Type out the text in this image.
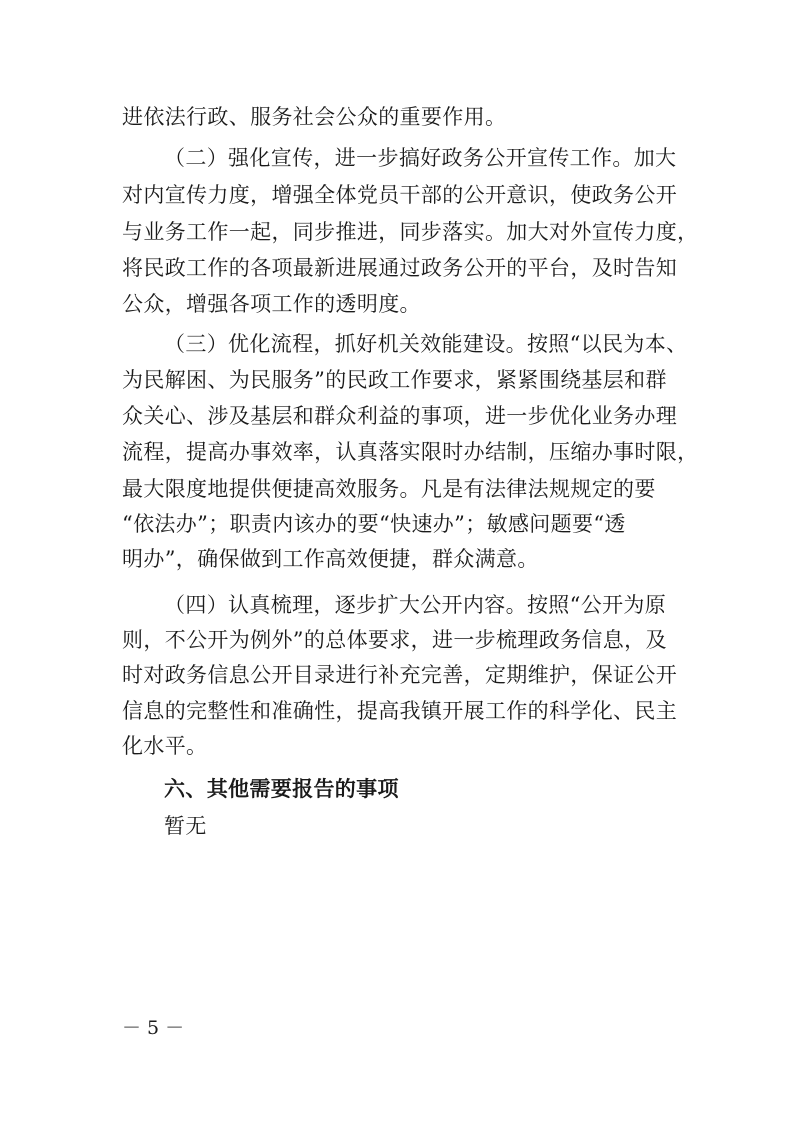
进依法行政、服务社会公众的重要作用。
（二）强化宣传，进一步搞好政务公开宣传工作。加大
对内宣传力度，增强全体党员干部的公开意识，使政务公开
与业务工作一起，同步推进，同步落实。加大对外宣传力度，
将民政工作的各项最新进展通过政务公开的平台，及时告知
公众，增强各项工作的透明度。
（三）优化流程，抓好机关效能建设。按照“以民为本、
为民解困、为民服务”的民政工作要求，紧紧围绕基层和群
众关心、涉及基层和群众利益的事项，进一步优化业务办理
流程，提高办事效率，认真落实限时办结制，压缩办事时限，
最大限度地提供便捷高效服务。凡是有法律法规规定的要
“依法办”；职责内该办的要“快速办”；敏感问题要“透
明办”，确保做到工作高效便捷，群众满意。
（四）认真梳理，逐步扩大公开内容。按照“公开为原
则，不公开为例外”的总体要求，进一步梳理政务信息，及
时对政务信息公开目录进行补充完善，定期维护，保证公开
信息的完整性和准确性，提高我镇开展工作的科学化、民主
化水平。
六、其他需要报告的事项
暂无
－ 5 －
